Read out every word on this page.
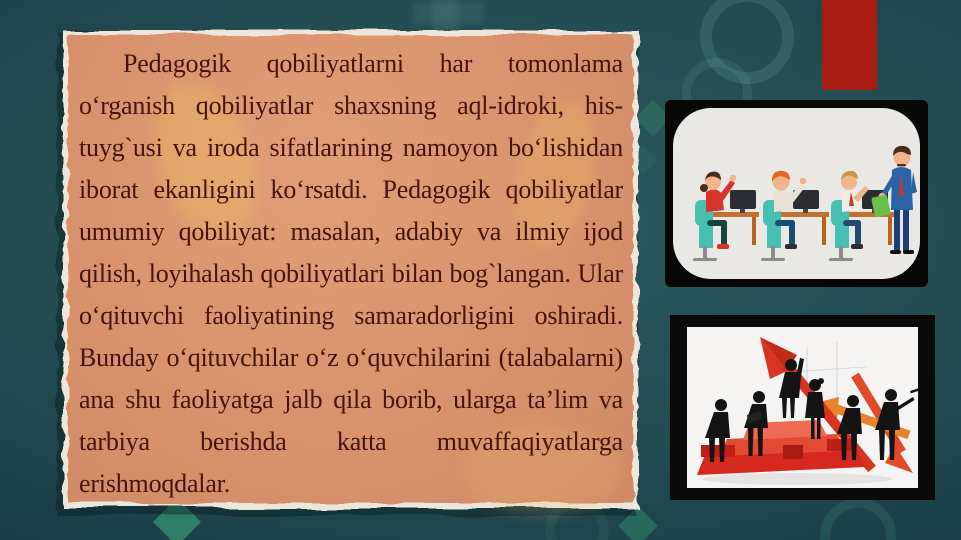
Pedagogik qobiliyatlarni har tomonlama o‘rganish qobiliyatlar shaxsning aql-idroki, his-tuyg`usi va iroda sifatlarining namoyon bo‘lishidan iborat ekanligini ko‘rsatdi. Pedagogik qobiliyatlar umumiy qobiliyat: masalan, adabiy va ilmiy ijod qilish, loyihalash qobiliyatlari bilan bog`langan. Ular o‘qituvchi faoliyatining samaradorligini oshiradi. Bunday o‘qituvchilar o‘z o‘quvchilarini (talabalarni) ana shu faoliyatga jalb qila borib, ularga ta’lim va tarbiya berishda katta muvaffaqiyatlarga erishmoqdalar.
